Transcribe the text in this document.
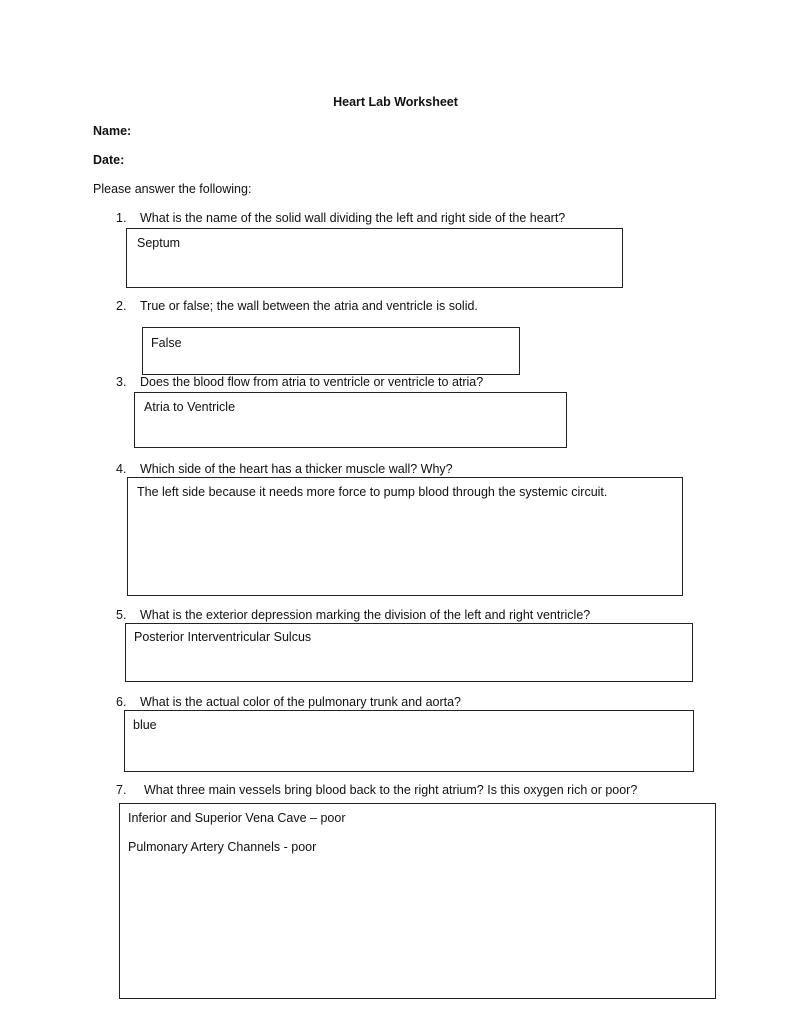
Heart Lab Worksheet
Name:
Date:
Please answer the following:
1. What is the name of the solid wall dividing the left and right side of the heart?
Septum
2. True or false; the wall between the atria and ventricle is solid.
False
3. Does the blood flow from atria to ventricle or ventricle to atria?
Atria to Ventricle
4. Which side of the heart has a thicker muscle wall? Why?
The left side because it needs more force to pump blood through the systemic circuit.
5. What is the exterior depression marking the division of the left and right ventricle?
Posterior Interventricular Sulcus
6. What is the actual color of the pulmonary trunk and aorta?
blue
7. What three main vessels bring blood back to the right atrium? Is this oxygen rich or poor?
Inferior and Superior Vena Cave – poor
Pulmonary Artery Channels - poor
